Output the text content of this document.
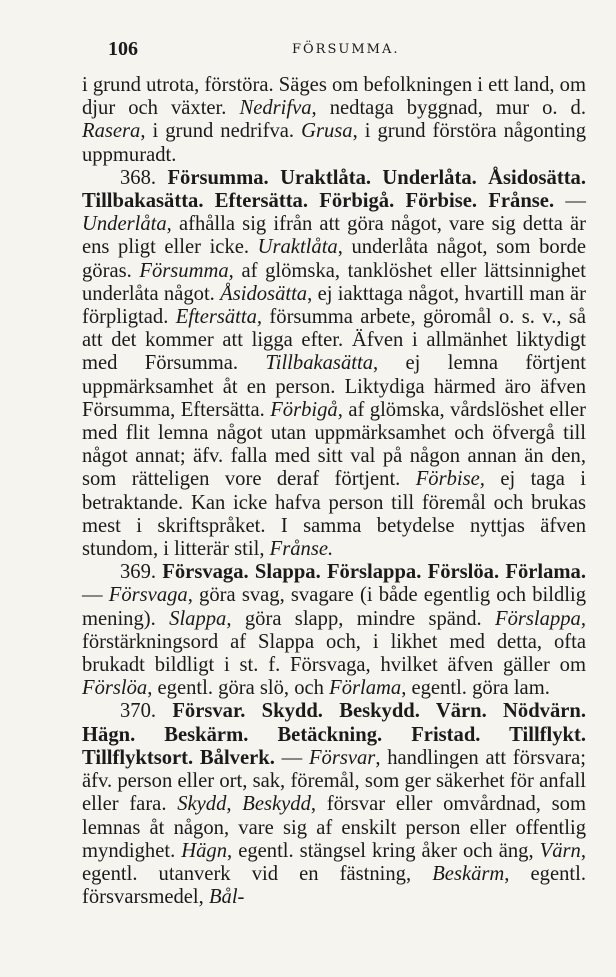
106	FÖRSUMMA.

i grund utrota, förstöra. Säges om befolkningen i ett land, om djur och växter. Nedrifva, nedtaga byggnad, mur o. d. Rasera, i grund nedrifva. Grusa, i grund förstöra någonting uppmuradt.

368. Försumma. Uraktlåta. Underlåta. Åsidosätta. Tillbakasätta. Eftersätta. Förbigå. Förbise. Frånse. — Underlåta, afhålla sig ifrån att göra något, vare sig detta är ens pligt eller icke. Uraktlåta, underlåta något, som borde göras. Försumma, af glömska, tanklöshet eller lättsinnighet underlåta något. Åsidosätta, ej iakttaga något, hvartill man är förpligtad. Eftersätta, försumma arbete, göromål o. s. v., så att det kommer att ligga efter. Äfven i allmänhet liktydigt med Försumma. Tillbakasätta, ej lemna förtjent uppmärksamhet åt en person. Liktydiga härmed äro äfven Försumma, Eftersätta. Förbigå, af glömska, vårdslöshet eller med flit lemna något utan uppmärksamhet och öfvergå till något annat; äfv. falla med sitt val på någon annan än den, som rätteligen vore deraf förtjent. Förbise, ej taga i betraktande. Kan icke hafva person till föremål och brukas mest i skriftspråket. I samma betydelse nyttjas äfven stundom, i litterär stil, Frånse.

369. Försvaga. Slappa. Förslappa. Förslöa. Förlama. — Försvaga, göra svag, svagare (i både egentlig och bildlig mening). Slappa, göra slapp, mindre spänd. Förslappa, förstärkningsord af Slappa och, i likhet med detta, ofta brukadt bildligt i st. f. Försvaga, hvilket äfven gäller om Förslöa, egentl. göra slö, och Förlama, egentl. göra lam.

370. Försvar. Skydd. Beskydd. Värn. Nödvärn. Hägn. Beskärm. Betäckning. Fristad. Tillflykt. Tillflyktsort. Bålverk. — Försvar, handlingen att försvara; äfv. person eller ort, sak, föremål, som ger säkerhet för anfall eller fara. Skydd, Beskydd, försvar eller omvårdnad, som lemnas åt någon, vare sig af enskilt person eller offentlig myndighet. Hägn, egentl. stängsel kring åker och äng, Värn, egentl. utanverk vid en fästning, Beskärm, egentl. försvarsmedel, Bål-
